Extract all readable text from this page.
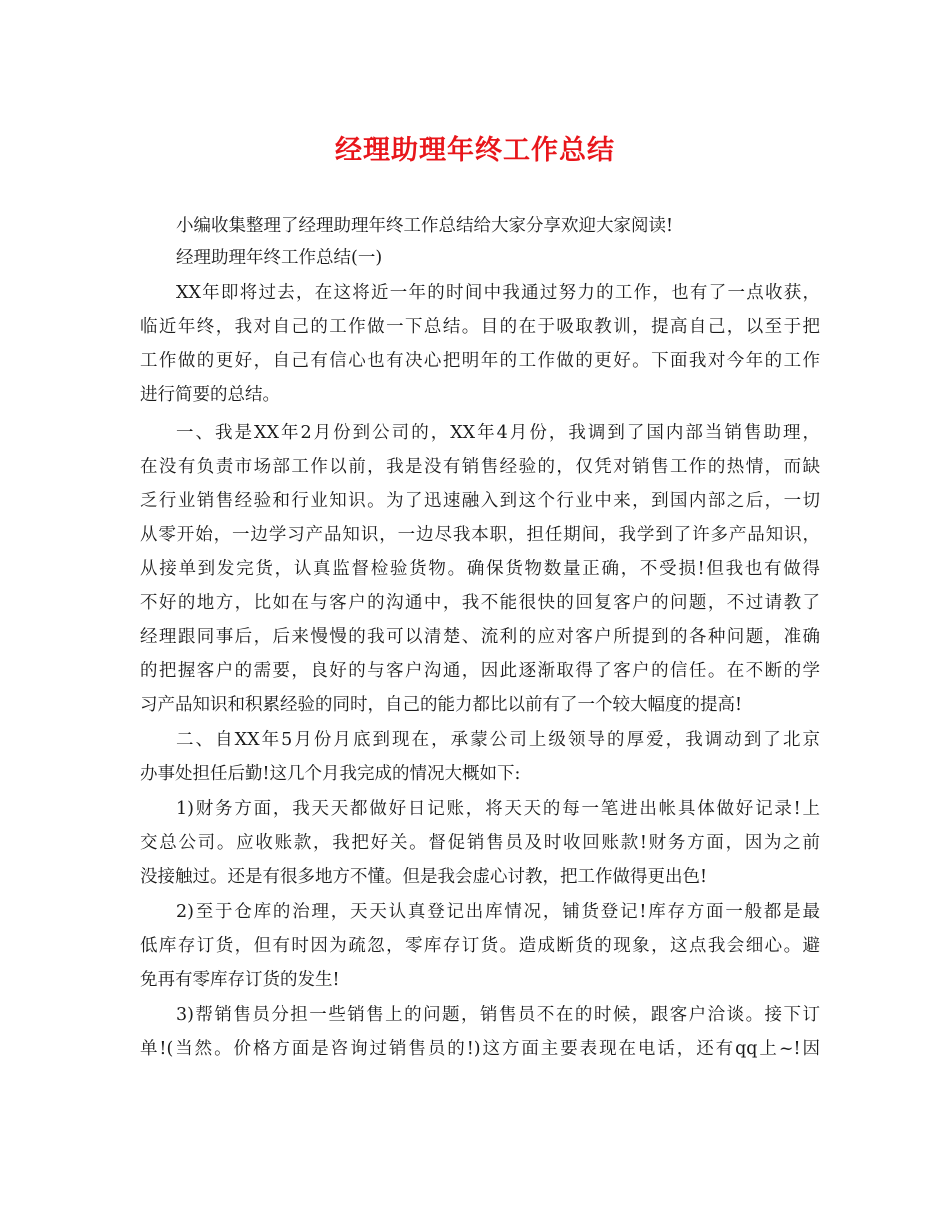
经理助理年终工作总结
小编收集整理了经理助理年终工作总结给大家分享欢迎大家阅读!
经理助理年终工作总结(一)
XX年即将过去，在这将近一年的时间中我通过努力的工作，也有了一点收获，
临近年终，我对自己的工作做一下总结。目的在于吸取教训，提高自己，以至于把
工作做的更好，自己有信心也有决心把明年的工作做的更好。下面我对今年的工作
进行简要的总结。
一、我是XX年2月份到公司的，XX年4月份，我调到了国内部当销售助理，
在没有负责市场部工作以前，我是没有销售经验的，仅凭对销售工作的热情，而缺
乏行业销售经验和行业知识。为了迅速融入到这个行业中来，到国内部之后，一切
从零开始，一边学习产品知识，一边尽我本职，担任期间，我学到了许多产品知识，
从接单到发完货，认真监督检验货物。确保货物数量正确，不受损!但我也有做得
不好的地方，比如在与客户的沟通中，我不能很快的回复客户的问题，不过请教了
经理跟同事后，后来慢慢的我可以清楚、流利的应对客户所提到的各种问题，准确
的把握客户的需要，良好的与客户沟通，因此逐渐取得了客户的信任。在不断的学
习产品知识和积累经验的同时，自己的能力都比以前有了一个较大幅度的提高!
二、自XX年5月份月底到现在，承蒙公司上级领导的厚爱，我调动到了北京
办事处担任后勤!这几个月我完成的情况大概如下:
1)财务方面，我天天都做好日记账，将天天的每一笔进出帐具体做好记录!上
交总公司。应收账款，我把好关。督促销售员及时收回账款!财务方面，因为之前
没接触过。还是有很多地方不懂。但是我会虚心讨教，把工作做得更出色!
2)至于仓库的治理，天天认真登记出库情况，铺货登记!库存方面一般都是最
低库存订货，但有时因为疏忽，零库存订货。造成断货的现象，这点我会细心。避
免再有零库存订货的发生!
3)帮销售员分担一些销售上的问题，销售员不在的时候，跟客户洽谈。接下订
单!(当然。价格方面是咨询过销售员的!)这方面主要表现在电话，还有qq上~!因
